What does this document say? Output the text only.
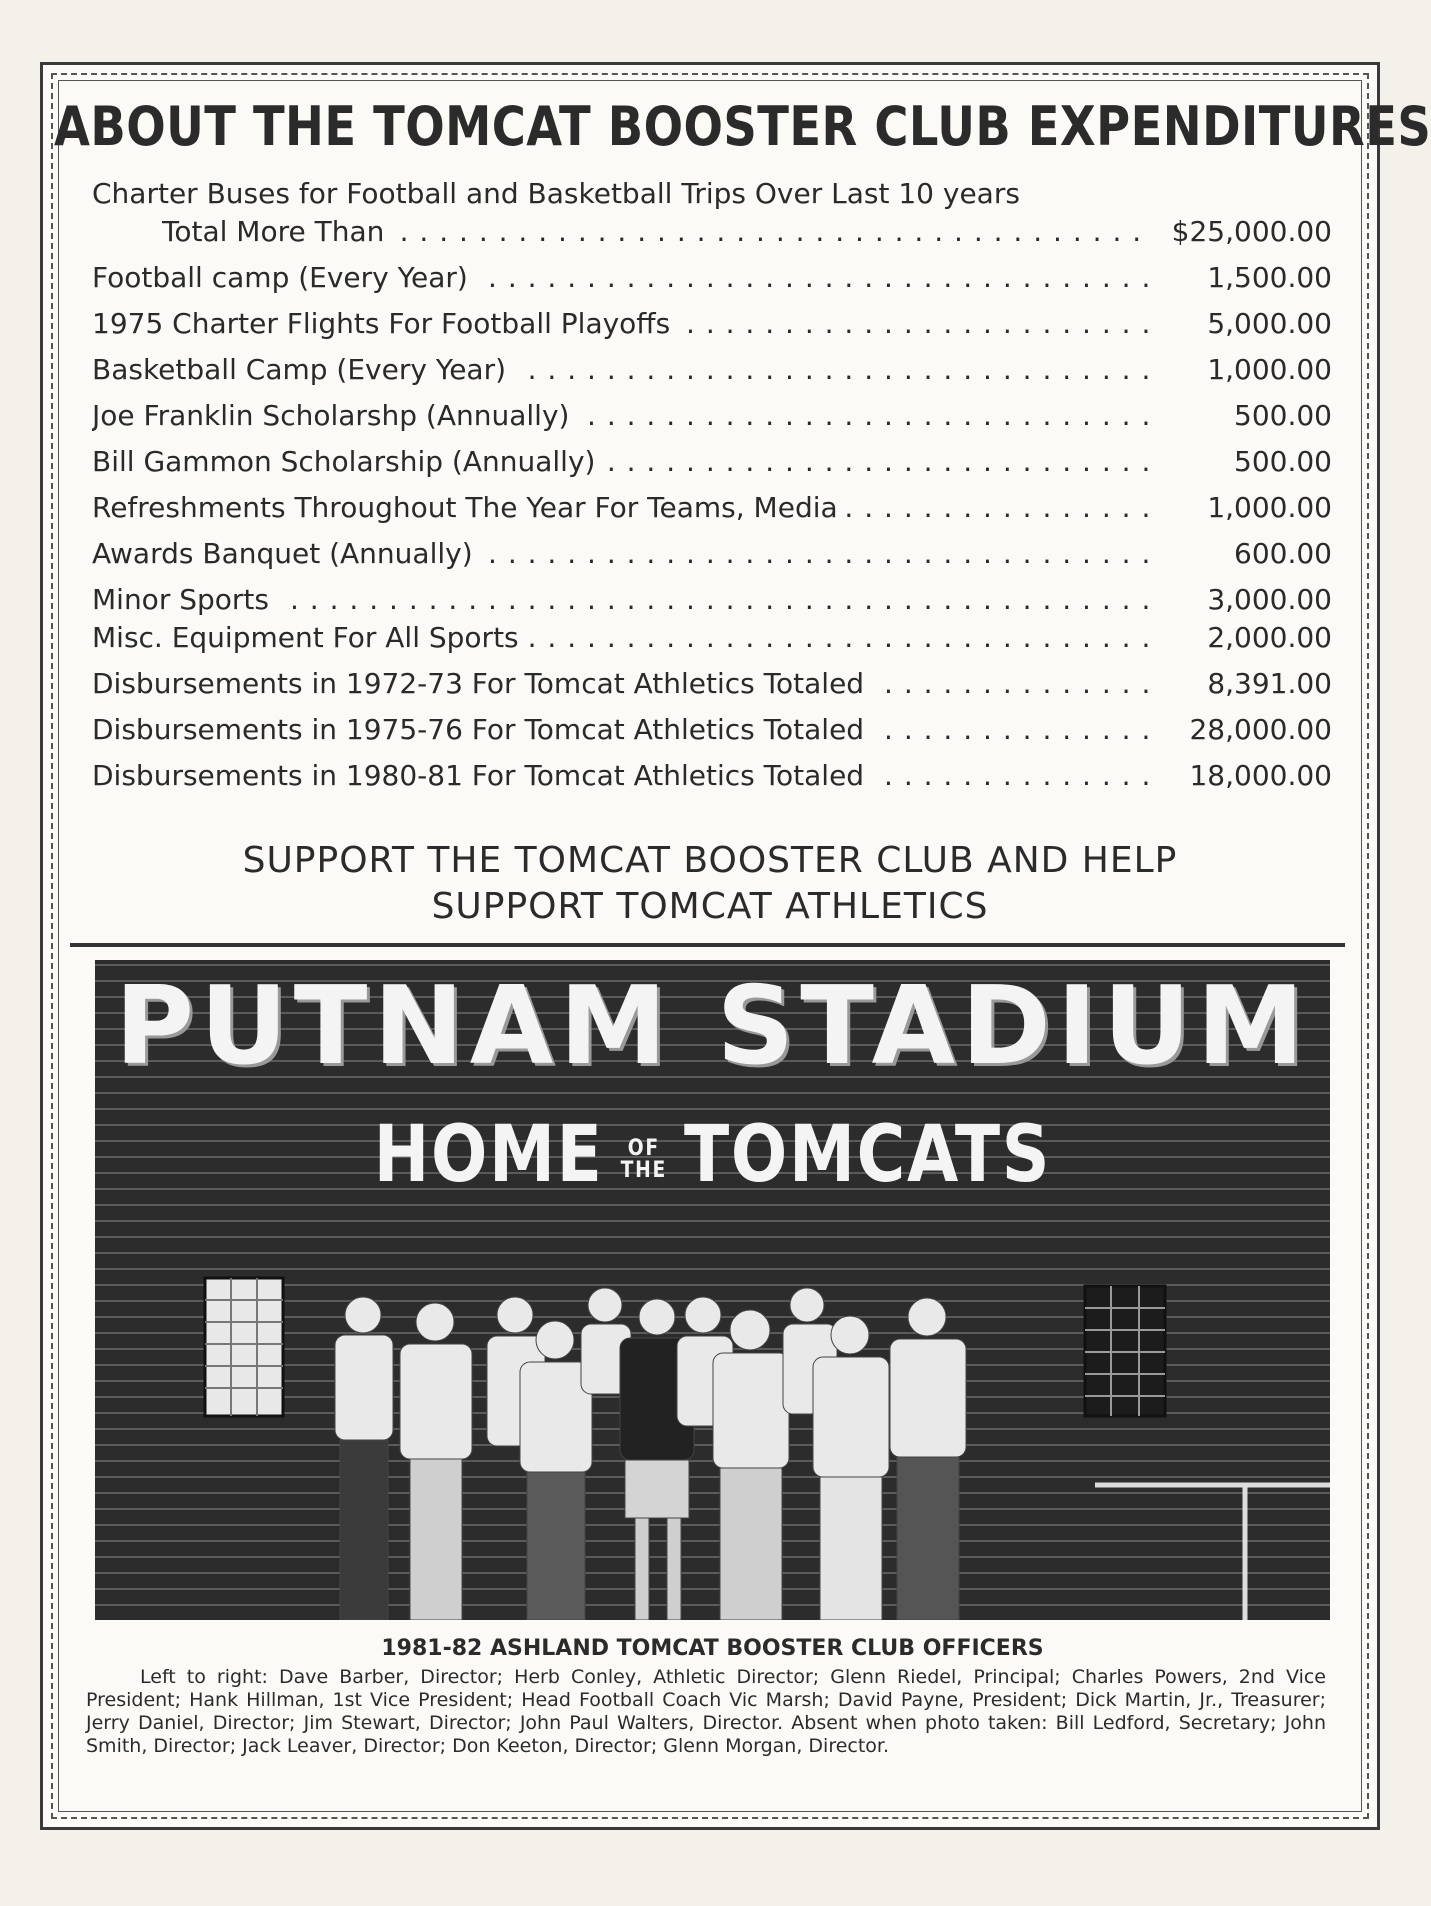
ABOUT THE TOMCAT BOOSTER CLUB EXPENDITURES
Charter Buses for Football and Basketball Trips Over Last 10 years
Total More Than . . .	$25,000.00
Football camp (Every Year) . . .	1,500.00
1975 Charter Flights For Football Playoffs . . .	5,000.00
Basketball Camp (Every Year) . . .	1,000.00
Joe Franklin Scholarshp (Annually) . . .	500.00
Bill Gammon Scholarship (Annually) . . .	500.00
Refreshments Throughout The Year For Teams, Media . . .	1,000.00
Awards Banquet (Annually) . . .	600.00
Minor Sports . . .	3,000.00
Misc. Equipment For All Sports . . .	2,000.00
Disbursements in 1972-73 For Tomcat Athletics Totaled . . .	8,391.00
Disbursements in 1975-76 For Tomcat Athletics Totaled . . .	28,000.00
Disbursements in 1980-81 For Tomcat Athletics Totaled . . .	18,000.00
SUPPORT THE TOMCAT BOOSTER CLUB AND HELP
SUPPORT TOMCAT ATHLETICS
PUTNAM STADIUM
HOME OF
THE TOMCATS
1981-82 ASHLAND TOMCAT BOOSTER CLUB OFFICERS
Left to right: Dave Barber, Director; Herb Conley, Athletic Director; Glenn Riedel, Principal; Charles Powers, 2nd Vice President; Hank Hillman, 1st Vice President; Head Football Coach Vic Marsh; David Payne, President; Dick Martin, Jr., Treasurer; Jerry Daniel, Director; Jim Stewart, Director; John Paul Walters, Director. Absent when photo taken: Bill Ledford, Secretary; John Smith, Director; Jack Leaver, Director; Don Keeton, Director; Glenn Morgan, Director.
